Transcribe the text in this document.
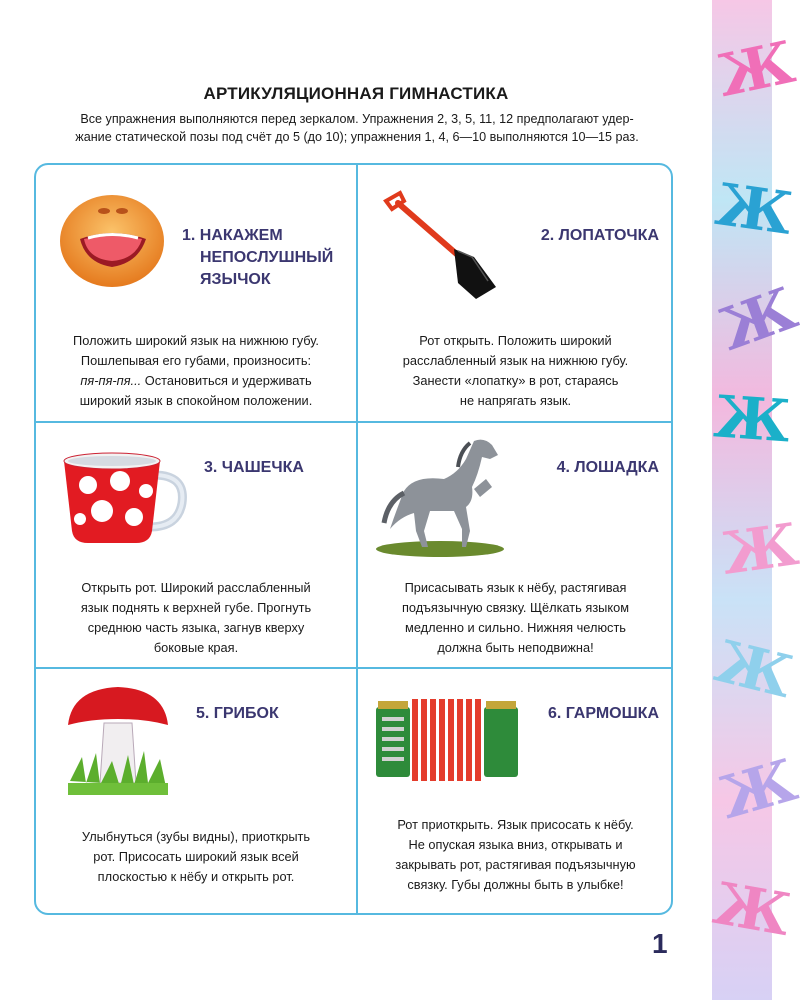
Ж
Ж
Ж
Ж
Ж
Ж
Ж
Ж
АРТИКУЛЯЦИОННАЯ ГИМНАСТИКА
Все упражнения выполняются перед зеркалом. Упражнения 2, 3, 5, 11, 12 предполагают удер-
жание статической позы под счёт до 5 (до 10); упражнения 1, 4, 6—10 выполняются 10—15 раз.
1. НАКАЖЕМ
НЕПОСЛУШНЫЙ
ЯЗЫЧОК
Положить широкий язык на нижнюю губу.
Пошлепывая его губами, произносить:
пя-пя-пя... Остановиться и удерживать
широкий язык в спокойном положении.
2. ЛОПАТОЧКА
Рот открыть. Положить широкий
расслабленный язык на нижнюю губу.
Занести «лопатку» в рот, стараясь
не напрягать язык.
3. ЧАШЕЧКА
Открыть рот. Широкий расслабленный
язык поднять к верхней губе. Прогнуть
среднюю часть языка, загнув кверху
боковые края.
4. ЛОШАДКА
Присасывать язык к нёбу, растягивая
подъязычную связку. Щёлкать языком
медленно и сильно. Нижняя челюсть
должна быть неподвижна!
5. ГРИБОК
Улыбнуться (зубы видны), приоткрыть
рот. Присосать широкий язык всей
плоскостью к нёбу и открыть рот.
6. ГАРМОШКА
Рот приоткрыть. Язык присосать к нёбу.
Не опуская языка вниз, открывать и
закрывать рот, растягивая подъязычную
связку. Губы должны быть в улыбке!
1
